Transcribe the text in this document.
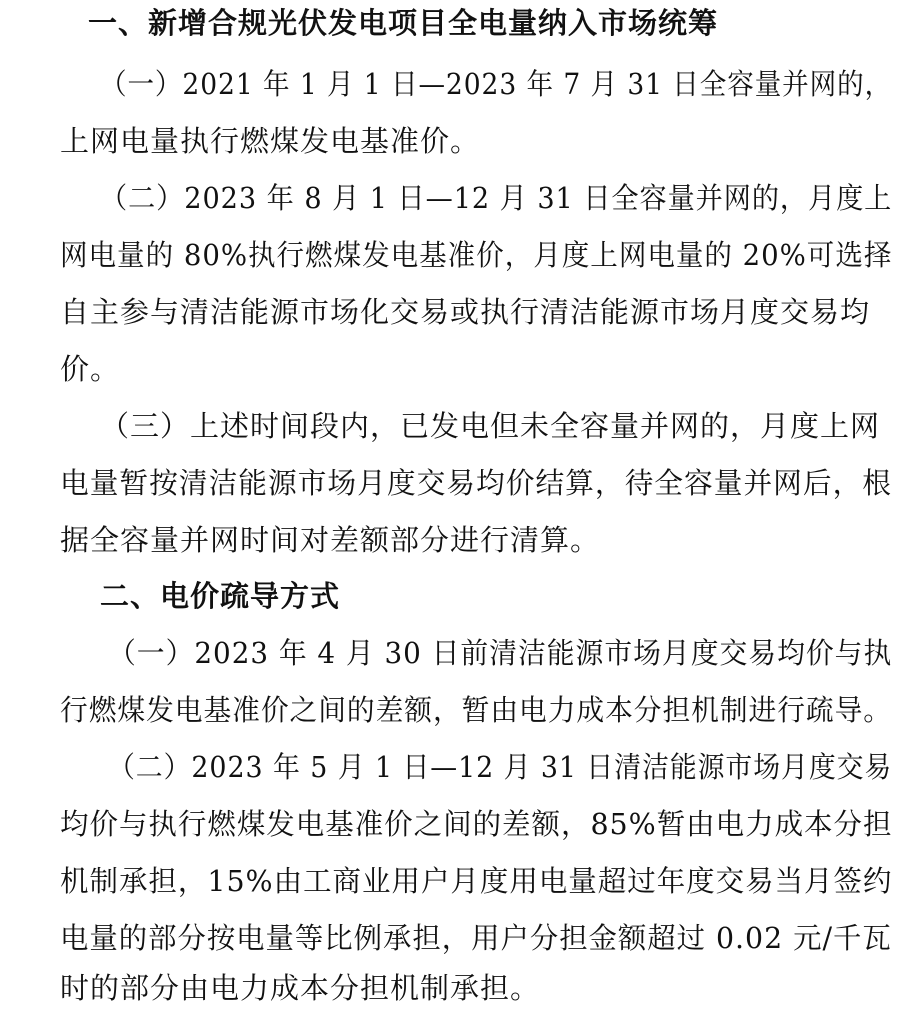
一、新增合规光伏发电项目全电量纳入市场统筹
（一）2021 年 1 月 1 日—2023 年 7 月 31 日全容量并网的，
上网电量执行燃煤发电基准价。
（二）2023 年 8 月 1 日—12 月 31 日全容量并网的，月度上
网电量的 80%执行燃煤发电基准价，月度上网电量的 20%可选择
自主参与清洁能源市场化交易或执行清洁能源市场月度交易均
价。
（三）上述时间段内，已发电但未全容量并网的，月度上网
电量暂按清洁能源市场月度交易均价结算，待全容量并网后，根
据全容量并网时间对差额部分进行清算。
二、电价疏导方式
（一）2023 年 4 月 30 日前清洁能源市场月度交易均价与执
行燃煤发电基准价之间的差额，暂由电力成本分担机制进行疏导。
（二）2023 年 5 月 1 日—12 月 31 日清洁能源市场月度交易
均价与执行燃煤发电基准价之间的差额，85%暂由电力成本分担
机制承担，15%由工商业用户月度用电量超过年度交易当月签约
电量的部分按电量等比例承担，用户分担金额超过 0.02 元/千瓦
时的部分由电力成本分担机制承担。
